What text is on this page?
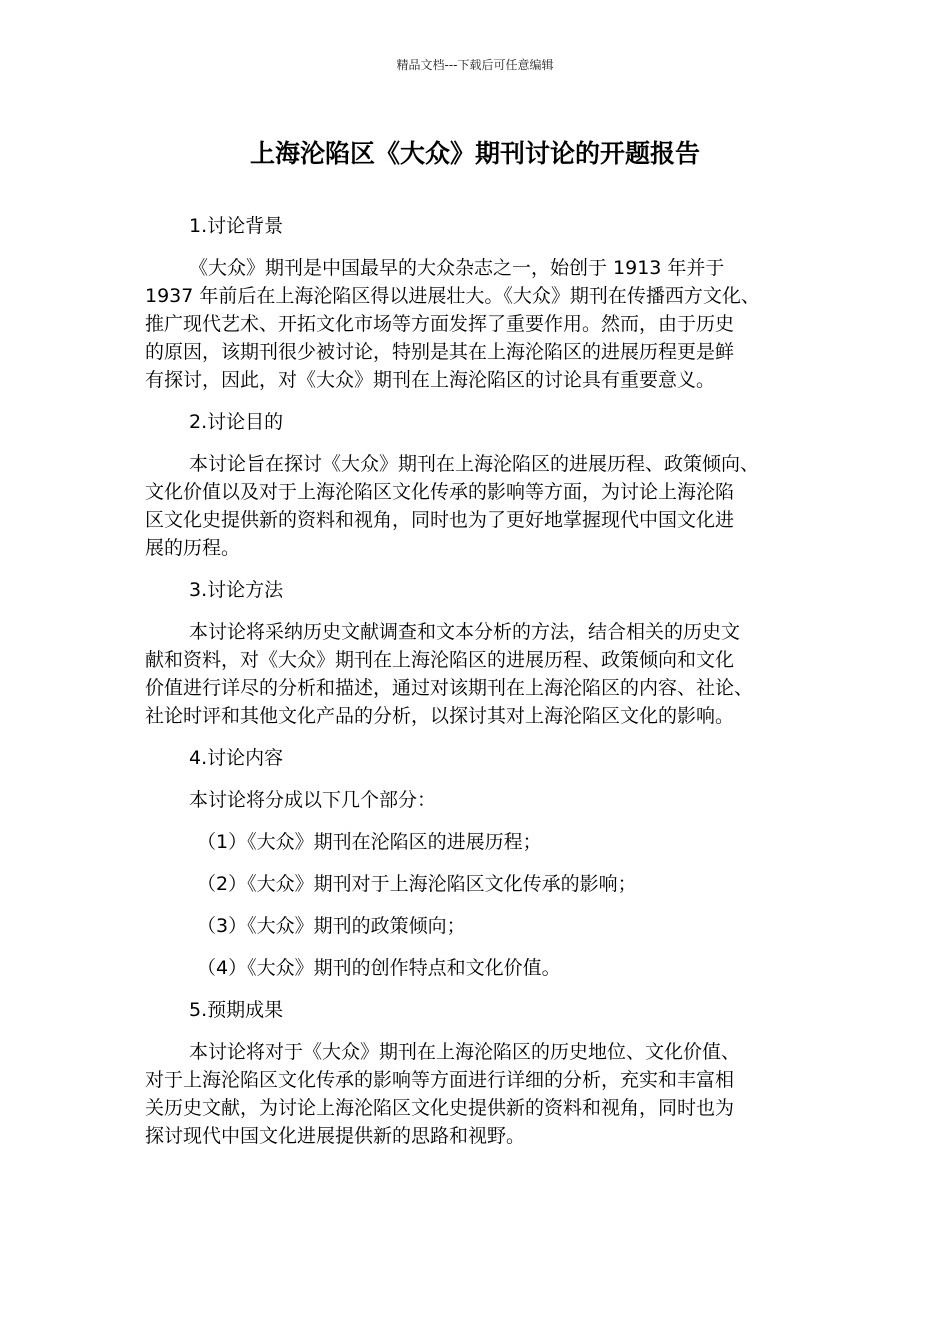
精品文档---下载后可任意编辑
上海沦陷区《大众》期刊讨论的开题报告
1.讨论背景
《大众》期刊是中国最早的大众杂志之一，始创于 1913 年并于
1937 年前后在上海沦陷区得以进展壮大。《大众》期刊在传播西方文化、
推广现代艺术、开拓文化市场等方面发挥了重要作用。然而，由于历史
的原因，该期刊很少被讨论，特别是其在上海沦陷区的进展历程更是鲜
有探讨，因此，对《大众》期刊在上海沦陷区的讨论具有重要意义。
2.讨论目的
本讨论旨在探讨《大众》期刊在上海沦陷区的进展历程、政策倾向、
文化价值以及对于上海沦陷区文化传承的影响等方面，为讨论上海沦陷
区文化史提供新的资料和视角，同时也为了更好地掌握现代中国文化进
展的历程。
3.讨论方法
本讨论将采纳历史文献调查和文本分析的方法，结合相关的历史文
献和资料，对《大众》期刊在上海沦陷区的进展历程、政策倾向和文化
价值进行详尽的分析和描述，通过对该期刊在上海沦陷区的内容、社论、
社论时评和其他文化产品的分析，以探讨其对上海沦陷区文化的影响。
4.讨论内容
本讨论将分成以下几个部分：
（1）《大众》期刊在沦陷区的进展历程；
（2）《大众》期刊对于上海沦陷区文化传承的影响；
（3）《大众》期刊的政策倾向；
（4）《大众》期刊的创作特点和文化价值。
5.预期成果
本讨论将对于《大众》期刊在上海沦陷区的历史地位、文化价值、
对于上海沦陷区文化传承的影响等方面进行详细的分析，充实和丰富相
关历史文献，为讨论上海沦陷区文化史提供新的资料和视角，同时也为
探讨现代中国文化进展提供新的思路和视野。
